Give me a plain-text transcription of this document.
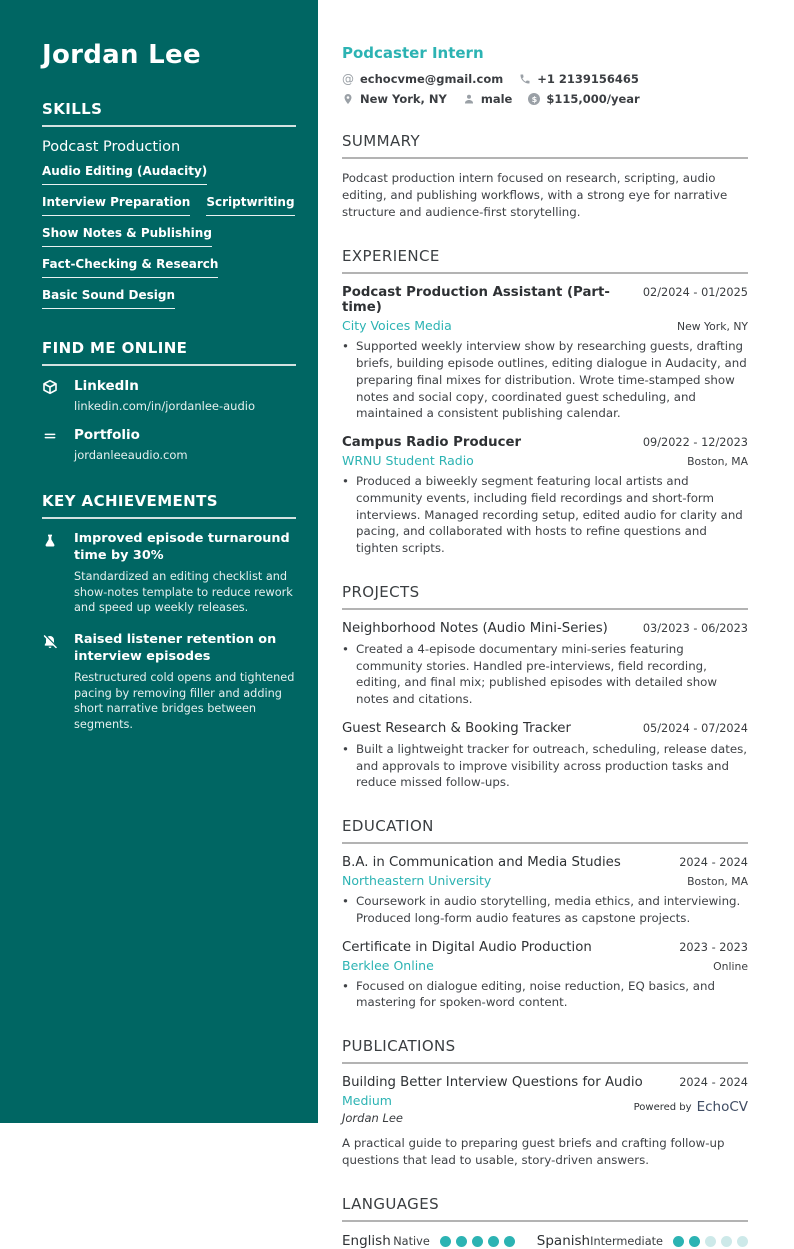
Jordan Lee
SKILLS
Podcast Production
Audio Editing (Audacity)
Interview Preparation Scriptwriting
Show Notes & Publishing
Fact-Checking & Research
Basic Sound Design
FIND ME ONLINE
LinkedIn
linkedin.com/in/jordanlee-audio
Portfolio
jordanleeaudio.com
KEY ACHIEVEMENTS
Improved episode turnaround time by 30%
Standardized an editing checklist and show-notes template to reduce rework and speed up weekly releases.
Raised listener retention on interview episodes
Restructured cold opens and tightened pacing by removing filler and adding short narrative bridges between segments.
Podcaster Intern
@ echocvme@gmail.com	+1 2139156465
New York, NY	male	$ $115,000/year
SUMMARY
Podcast production intern focused on research, scripting, audio editing, and publishing workflows, with a strong eye for narrative structure and audience-first storytelling.
EXPERIENCE
Podcast Production Assistant (Part-time)
02/2024 - 01/2025
City Voices Media	New York, NY
• Supported weekly interview show by researching guests, drafting briefs, building episode outlines, editing dialogue in Audacity, and preparing final mixes for distribution. Wrote time-stamped show notes and social copy, coordinated guest scheduling, and maintained a consistent publishing calendar.
Campus Radio Producer	09/2022 - 12/2023
WRNU Student Radio	Boston, MA
• Produced a biweekly segment featuring local artists and community events, including field recordings and short-form interviews. Managed recording setup, edited audio for clarity and pacing, and collaborated with hosts to refine questions and tighten scripts.
PROJECTS
Neighborhood Notes (Audio Mini-Series)	03/2023 - 06/2023
• Created a 4-episode documentary mini-series featuring community stories. Handled pre-interviews, field recording, editing, and final mix; published episodes with detailed show notes and citations.
Guest Research & Booking Tracker	05/2024 - 07/2024
• Built a lightweight tracker for outreach, scheduling, release dates, and approvals to improve visibility across production tasks and reduce missed follow-ups.
EDUCATION
B.A. in Communication and Media Studies	2024 - 2024
Northeastern University	Boston, MA
• Coursework in audio storytelling, media ethics, and interviewing. Produced long-form audio features as capstone projects.
Certificate in Digital Audio Production	2023 - 2023
Berklee Online	Online
• Focused on dialogue editing, noise reduction, EQ basics, and mastering for spoken-word content.
PUBLICATIONS
Building Better Interview Questions for Audio	2024 - 2024
Medium
Jordan Lee
A practical guide to preparing guest briefs and crafting follow-up questions that lead to usable, story-driven answers.
LANGUAGES
English Native	Spanish Intermediate
Powered by EchoCV
